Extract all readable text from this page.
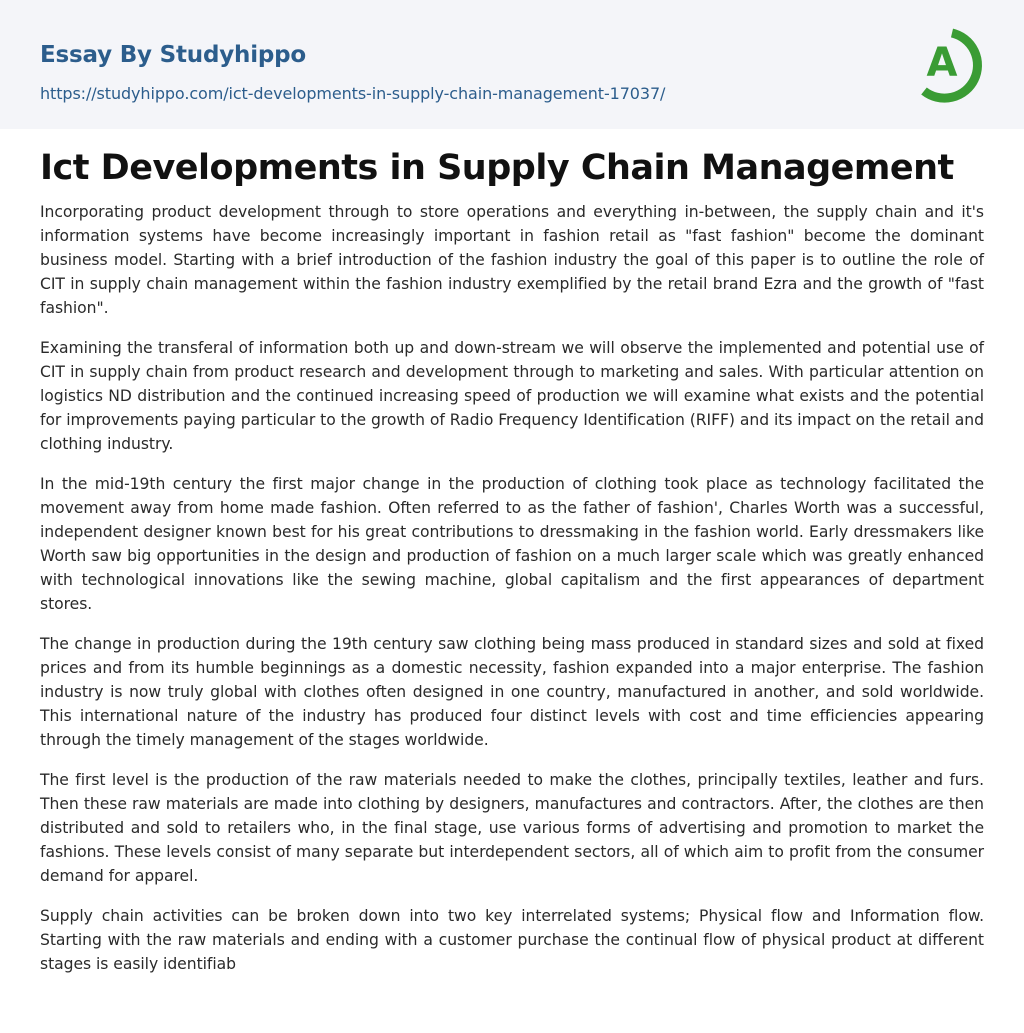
Essay By Studyhippo
https://studyhippo.com/ict-developments-in-supply-chain-management-17037/
A
Ict Developments in Supply Chain Management

Incorporating product development through to store operations and everything in-between, the supply chain and it's information systems have become increasingly important in fashion retail as "fast fashion" become the dominant business model. Starting with a brief introduction of the fashion industry the goal of this paper is to outline the role of CIT in supply chain management within the fashion industry exemplified by the retail brand Ezra and the growth of "fast fashion".

Examining the transferal of information both up and down-stream we will observe the implemented and potential use of CIT in supply chain from product research and development through to marketing and sales. With particular attention on logistics ND distribution and the continued increasing speed of production we will examine what exists and the potential for improvements paying particular to the growth of Radio Frequency Identification (RIFF) and its impact on the retail and clothing industry.

In the mid-19th century the first major change in the production of clothing took place as technology facilitated the movement away from home made fashion. Often referred to as the father of fashion', Charles Worth was a successful, independent designer known best for his great contributions to dressmaking in the fashion world. Early dressmakers like Worth saw big opportunities in the design and production of fashion on a much larger scale which was greatly enhanced with technological innovations like the sewing machine, global capitalism and the first appearances of department stores.

The change in production during the 19th century saw clothing being mass produced in standard sizes and sold at fixed prices and from its humble beginnings as a domestic necessity, fashion expanded into a major enterprise. The fashion industry is now truly global with clothes often designed in one country, manufactured in another, and sold worldwide. This international nature of the industry has produced four distinct levels with cost and time efficiencies appearing through the timely management of the stages worldwide.

The first level is the production of the raw materials needed to make the clothes, principally textiles, leather and furs. Then these raw materials are made into clothing by designers, manufactures and contractors. After, the clothes are then distributed and sold to retailers who, in the final stage, use various forms of advertising and promotion to market the fashions. These levels consist of many separate but interdependent sectors, all of which aim to profit from the consumer demand for apparel.

Supply chain activities can be broken down into two key interrelated systems; Physical flow and Information flow. Starting with the raw materials and ending with a customer purchase the continual flow of physical product at different stages is easily identifiab
